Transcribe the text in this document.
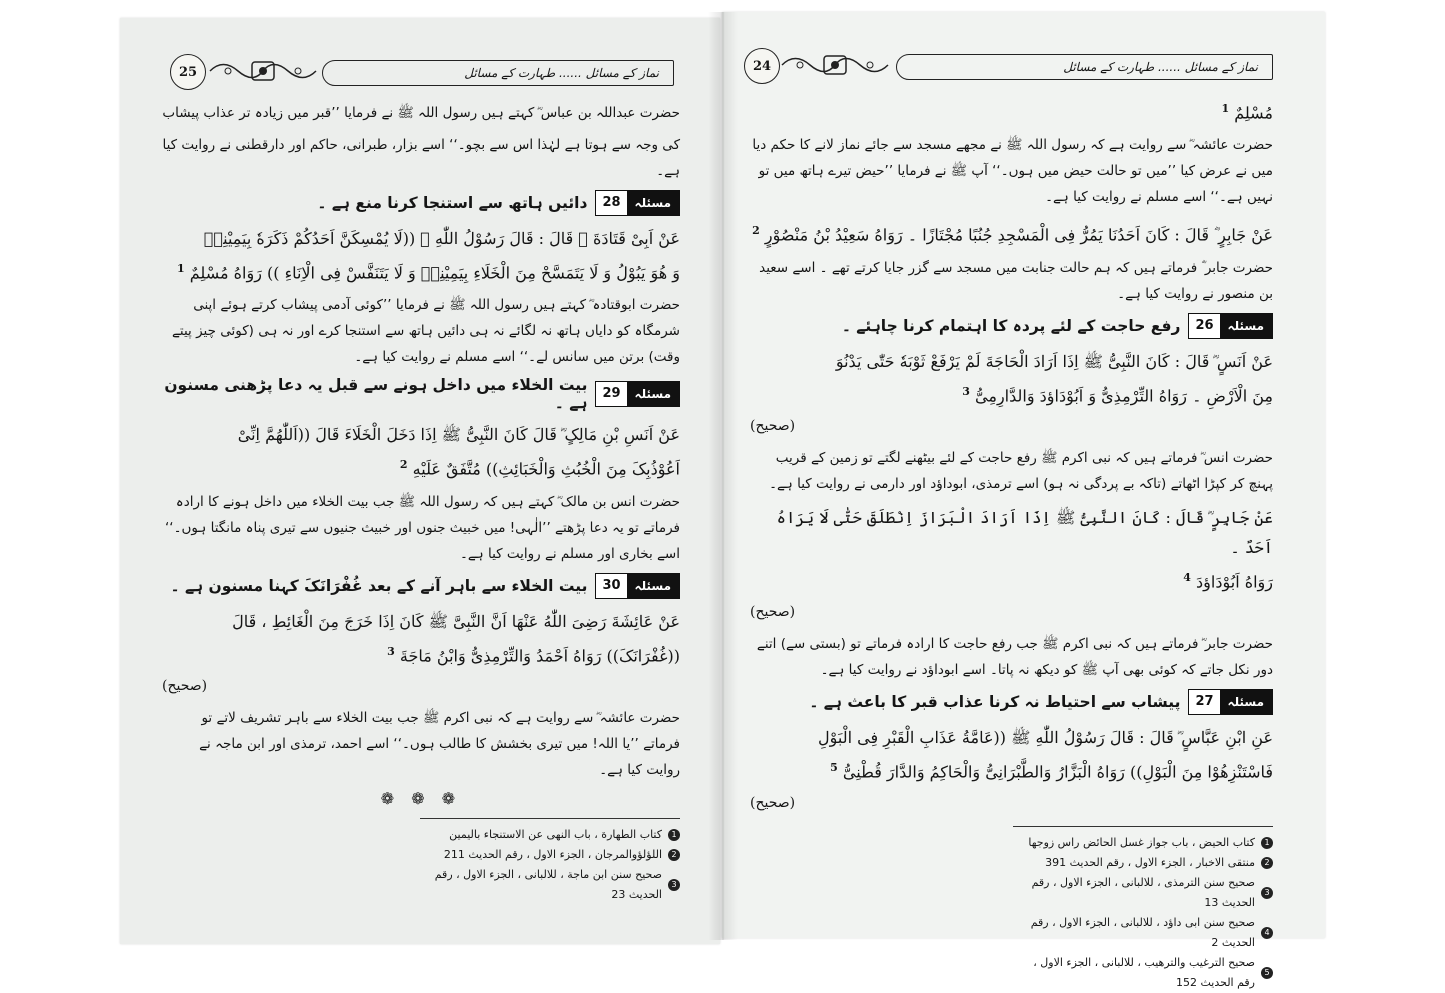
نماز کے مسائل ...... طہارت کے مسائل
25

حضرت عبداللہ بن عباس ؓ کہتے ہیں رسول اللہ ﷺ نے فرمایا ’’قبر میں زیادہ تر عذاب پیشاب

کی وجہ سے ہوتا ہے لہٰذا اس سے بچو۔‘‘ اسے بزار، طبرانی، حاکم اور دارقطنی نے روایت کیا ہے۔

مسئلہ
28
دائیں ہاتھ سے استنجا کرنا منع ہے ۔

عَنْ اَبِیْ قَتَادَةَ ؓ قَالَ : قَالَ رَسُوْلُ اللّٰهِ ﷺ ((لَا یُمْسِکَنَّ اَحَدُکُمْ ذَکَرَهٗ بِیَمِیْنِهٖ
وَ هُوَ یَبُوْلُ وَ لَا یَتَمَسَّحْ مِنَ الْخَلَاءِ بِیَمِیْنِهٖ وَ لَا یَتَنَفَّسْ فِی الْاِنَاءِ )) رَوَاهُ مُسْلِمٌ $^1$

حضرت ابوقتادہ ؓ کہتے ہیں رسول اللہ ﷺ نے فرمایا ’’کوئی آدمی پیشاب کرتے ہوئے اپنی شرمگاہ کو دایاں ہاتھ نہ لگائے نہ ہی دائیں ہاتھ سے استنجا کرے اور نہ ہی (کوئی چیز پیتے وقت) برتن میں سانس لے۔‘‘ اسے مسلم نے روایت کیا ہے۔

مسئلہ
29
بیت الخلاء میں داخل ہونے سے قبل یہ دعا پڑھنی مسنون ہے ۔

عَنْ اَنَسِ بْنِ مَالِکٍ ؓ قَالَ کَانَ النَّبِیُّ ﷺ اِذَا دَخَلَ الْخَلَاءَ قَالَ ((اَللّٰهُمَّ اِنِّیْ
اَعُوْذُبِکَ مِنَ الْخُبُثِ وَالْخَبَائِثِ)) مُتَّفَقٌ عَلَیْهِ $^2$

حضرت انس بن مالک ؓ کہتے ہیں کہ رسول اللہ ﷺ جب بیت الخلاء میں داخل ہونے کا ارادہ فرماتے تو یہ دعا پڑھتے ’’الٰہی! میں خبیث جنوں اور خبیث جنیوں سے تیری پناہ مانگتا ہوں۔‘‘ اسے بخاری اور مسلم نے روایت کیا ہے۔

مسئلہ
30
بیت الخلاء سے باہر آنے کے بعد غُفْرَانَکَ کہنا مسنون ہے ۔

عَنْ عَائِشَةَ رَضِیَ اللّٰهُ عَنْهَا اَنَّ النَّبِیَّ ﷺ کَانَ اِذَا خَرَجَ مِنَ الْغَائِطِ ، قَالَ
((غُفْرَانَکَ)) رَوَاهُ اَحْمَدُ وَالتِّرْمِذِیُّ وَابْنُ مَاجَةَ $^3$
(صحیح)

حضرت عائشہ ؓ سے روایت ہے کہ نبی اکرم ﷺ جب بیت الخلاء سے باہر تشریف لاتے تو فرماتے ’’یا اللہ! میں تیری بخشش کا طالب ہوں۔‘‘ اسے احمد، ترمذی اور ابن ماجہ نے روایت کیا ہے۔

❁ ❁ ❁
1
کتاب الطهارة ، باب النهی عن الاستنجاء بالیمین
2
اللؤلؤوالمرجان ، الجزء الاول ، رقم الحدیث 211
3
صحیح سنن ابن ماجة ، للالبانی ، الجزء الاول ، رقم الحدیث 23
نماز کے مسائل ...... طہارت کے مسائل
24

مُسْلِمٌ $^1$

حضرت عائشہ ؓ سے روایت ہے کہ رسول اللہ ﷺ نے مجھے مسجد سے جائے نماز لانے کا حکم دیا میں نے عرض کیا ’’میں تو حالت حیض میں ہوں۔‘‘ آپ ﷺ نے فرمایا ’’حیض تیرے ہاتھ میں تو نہیں ہے۔‘‘ اسے مسلم نے روایت کیا ہے۔

عَنْ جَابِرٍ ؓ قَالَ : کَانَ اَحَدُنَا یَمُرُّ فِی الْمَسْجِدِ جُنُبًا مُجْتَازًا ۔ رَوَاهُ سَعِیْدُ بْنُ مَنْصُوْرٍ $^2$

حضرت جابر ؓ فرماتے ہیں کہ ہم حالت جنابت میں مسجد سے گزر جایا کرتے تھے ۔ اسے سعید بن منصور نے روایت کیا ہے۔

مسئلہ
26
رفع حاجت کے لئے پردہ کا اہتمام کرنا چاہئے ۔

عَنْ اَنَسٍ ؓ قَالَ : کَانَ النَّبِیُّ ﷺ اِذَا اَرَادَ الْحَاجَةَ لَمْ یَرْفَعْ ثَوْبَهٗ حَتّٰی یَدْنُوَ
مِنَ الْاَرْضِ ۔ رَوَاهُ التِّرْمِذِیُّ وَ اَبُوْدَاؤدَ وَالدَّارِمِیُّ $^3$
(صحیح)

حضرت انس ؓ فرماتے ہیں کہ نبی اکرم ﷺ رفع حاجت کے لئے بیٹھنے لگتے تو زمین کے قریب پہنچ کر کپڑا اٹھاتے (تاکہ بے پردگی نہ ہو) اسے ترمذی، ابوداؤد اور دارمی نے روایت کیا ہے۔

عَنْ جَابِرٍ ؓ قَالَ : کَانَ النَّبِیُّ ﷺ اِذَا اَرَادَ الْبَرَازَ اِنْطَلَقَ حَتّٰی لَا یَرَاهُ اَحَدٌ ۔
رَوَاهُ اَبُوْدَاؤدَ $^4$
(صحیح)

حضرت جابر ؓ فرماتے ہیں کہ نبی اکرم ﷺ جب رفع حاجت کا ارادہ فرماتے تو (بستی سے) اتنے دور نکل جاتے کہ کوئی بھی آپ ﷺ کو دیکھ نہ پاتا۔ اسے ابوداؤد نے روایت کیا ہے۔

مسئلہ
27
پیشاب سے احتیاط نہ کرنا عذاب قبر کا باعث ہے ۔

عَنِ ابْنِ عَبَّاسٍ ؓ قَالَ : قَالَ رَسُوْلُ اللّٰهِ ﷺ ((عَامَّةُ عَذَابِ الْقَبْرِ فِی الْبَوْلِ
فَاسْتَنْزِهُوْا مِنَ الْبَوْلِ)) رَوَاهُ الْبَزَّارُ وَالطَّبْرَانِیُّ وَالْحَاکِمُ وَالدَّارَ قُطْنِیُّ $^5$
(صحیح)

1
کتاب الحیض ، باب جواز غسل الحائض راس زوجها
2
منتقی الاخبار ، الجزء الاول ، رقم الحدیث 391
3
صحیح سنن الترمذی ، للالبانی ، الجزء الاول ، رقم الحدیث 13
4
صحیح سنن ابی داؤد ، للالبانی ، الجزء الاول ، رقم الحدیث 2
5
صحیح الترغیب والترهیب ، للالبانی ، الجزء الاول ، رقم الحدیث 152
